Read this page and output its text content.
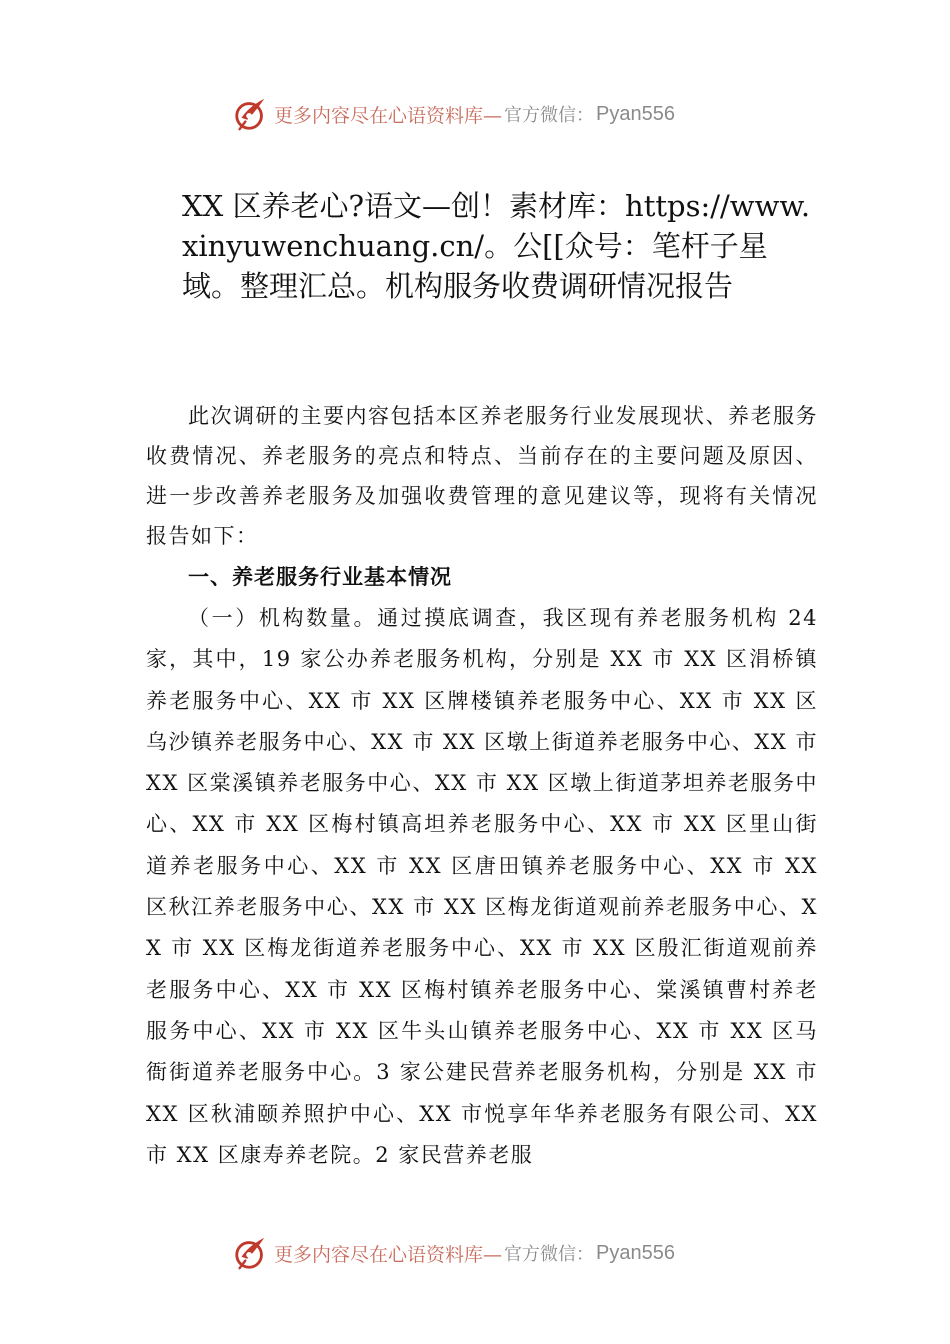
更多内容尽在心语资料库— 官方微信： Pyan556
XX 区养老心?语文—创！素材库：https://www.xinyuwenchuang.cn/。公[[众号：笔杆子星域。整理汇总。机构服务收费调研情况报告

此次调研的主要内容包括本区养老服务行业发展现状、养老服务收费情况、养老服务的亮点和特点、当前存在的主要问题及原因、进一步改善养老服务及加强收费管理的意见建议等，现将有关情况报告如下：

一、养老服务行业基本情况

（一）机构数量。通过摸底调查，我区现有养老服务机构 24 家，其中，19 家公办养老服务机构，分别是 XX 市 XX 区涓桥镇养老服务中心、XX 市 XX 区牌楼镇养老服务中心、XX 市 XX 区乌沙镇养老服务中心、XX 市 XX 区墩上街道养老服务中心、XX 市 XX 区棠溪镇养老服务中心、XX 市 XX 区墩上街道茅坦养老服务中心、XX 市 XX 区梅村镇高坦养老服务中心、XX 市 XX 区里山街道养老服务中心、XX 市 XX 区唐田镇养老服务中心、XX 市 XX 区秋江养老服务中心、XX 市 XX 区梅龙街道观前养老服务中心、XX 市 XX 区梅龙街道养老服务中心、XX 市 XX 区殷汇街道观前养老服务中心、XX 市 XX 区梅村镇养老服务中心、棠溪镇曹村养老服务中心、XX 市 XX 区牛头山镇养老服务中心、XX 市 XX 区马衙街道养老服务中心。3 家公建民营养老服务机构，分别是 XX 市 XX 区秋浦颐养照护中心、XX 市悦享年华养老服务有限公司、XX 市 XX 区康寿养老院。2 家民营养老服

更多内容尽在心语资料库— 官方微信： Pyan556
